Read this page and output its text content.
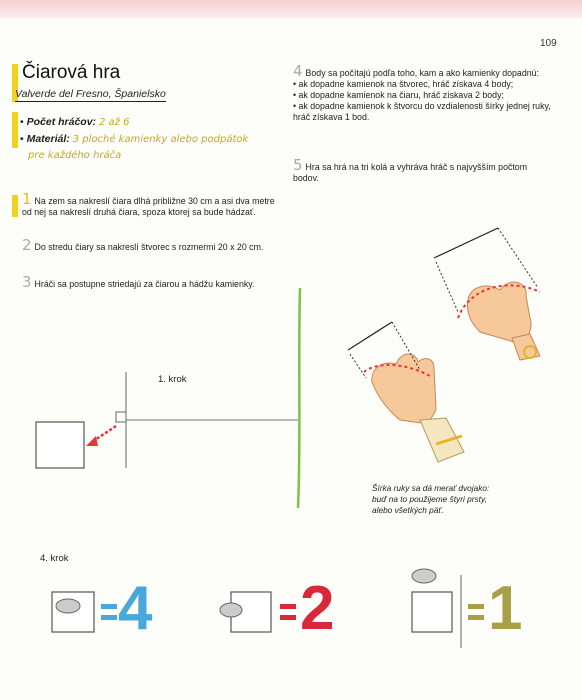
109
Čiarová hra
Valverde del Fresno, Španielsko
• Počet hráčov: 2 až 6
• Materiál: 3 ploché kamienky alebo podpätok
pre každého hráča
1 Na zem sa nakreslí čiara dlhá približne 30 cm a asi dva metre od nej sa nakreslí druhá čiara, spoza ktorej sa bude hádzať.
2 Do stredu čiary sa nakreslí štvorec s rozmermi 20 x 20 cm.
3 Hráči sa postupne striedajú za čiarou a hádžu kamienky.
4 Body sa počítajú podľa toho, kam a ako kamienky dopadnú:
• ak dopadne kamienok na štvorec, hráč získava 4 body;
• ak dopadne kamienok na čiaru, hráč získava 2 body;
• ak dopadne kamienok k štvorcu do vzdialenosti šírky jednej ruky, hráč získava 1 bod.
5 Hra sa hrá na tri kolá a vyhráva hráč s najvyšším počtom bodov.
4 2 1
1. krok
4. krok
Šírka ruky sa dá merať dvojako:
buď na to použijeme štyri prsty,
alebo všetkých päť.
